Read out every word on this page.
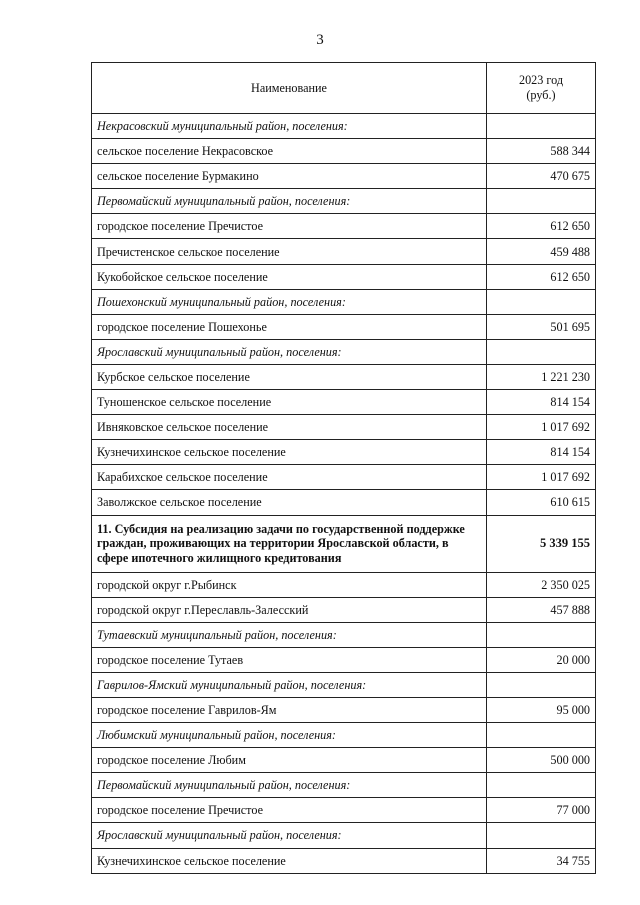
3
Наименование	2023 год
(руб.)

Некрасовский муниципальный район, поселения:	
сельское поселение Некрасовское	588 344
сельское поселение Бурмакино	470 675
Первомайский муниципальный район, поселения:	
городское поселение Пречистое	612 650
Пречистенское сельское поселение	459 488
Кукобойское сельское поселение	612 650
Пошехонский муниципальный район, поселения:	
городское поселение Пошехонье	501 695
Ярославский муниципальный район, поселения:	
Курбское сельское поселение	1 221 230
Туношенское сельское поселение	814 154
Ивняковское сельское поселение	1 017 692
Кузнечихинское сельское поселение	814 154
Карабихское сельское поселение	1 017 692
Заволжское сельское поселение	610 615
11. Субсидия на реализацию задачи по государственной поддержке граждан, проживающих на территории Ярославской области, в сфере ипотечного жилищного кредитования	5 339 155
городской округ г.Рыбинск	2 350 025
городской округ г.Переславль-Залесский	457 888
Тутаевский муниципальный район, поселения:	
городское поселение Тутаев	20 000
Гаврилов-Ямский муниципальный район, поселения:	
городское поселение Гаврилов-Ям	95 000
Любимский муниципальный район, поселения:	
городское поселение Любим	500 000
Первомайский муниципальный район, поселения:	
городское поселение Пречистое	77 000
Ярославский муниципальный район, поселения:	
Кузнечихинское сельское поселение	34 755
